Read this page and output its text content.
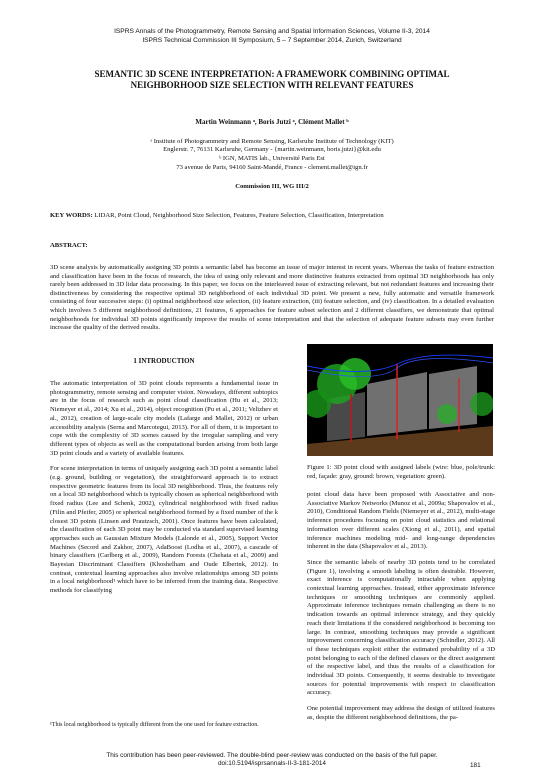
ISPRS Annals of the Photogrammetry, Remote Sensing and Spatial Information Sciences, Volume II-3, 2014
ISPRS Technical Commission III Symposium, 5 – 7 September 2014, Zurich, Switzerland
SEMANTIC 3D SCENE INTERPRETATION: A FRAMEWORK COMBINING OPTIMAL
NEIGHBORHOOD SIZE SELECTION WITH RELEVANT FEATURES
Martin Weinmann ᵃ, Boris Jutzi ᵃ, Clément Mallet ᵇ
ᵃ Institute of Photogrammetry and Remote Sensing, Karlsruhe Institute of Technology (KIT)
Englerstr. 7, 76131 Karlsruhe, Germany - {martin.weinmann, boris.jutzi}@kit.edu
ᵇ IGN, MATIS lab., Université Paris Est
73 avenue de Paris, 94160 Saint-Mandé, France - clement.mallet@ign.fr
Commission III, WG III/2
KEY WORDS: LIDAR, Point Cloud, Neighborhood Size Selection, Features, Feature Selection, Classification, Interpretation
ABSTRACT:
3D scene analysis by automatically assigning 3D points a semantic label has become an issue of major interest in recent years. Whereas the tasks of feature extraction and classification have been in the focus of research, the idea of using only relevant and more distinctive features extracted from optimal 3D neighborhoods has only rarely been addressed in 3D lidar data processing. In this paper, we focus on the interleaved issue of extracting relevant, but not redundant features and increasing their distinctiveness by considering the respective optimal 3D neighborhood of each individual 3D point. We present a new, fully automatic and versatile framework consisting of four successive steps: (i) optimal neighborhood size selection, (ii) feature extraction, (iii) feature selection, and (iv) classification. In a detailed evaluation which involves 5 different neighborhood definitions, 21 features, 6 approaches for feature subset selection and 2 different classifiers, we demonstrate that optimal neighborhoods for individual 3D points significantly improve the results of scene interpretation and that the selection of adequate feature subsets may even further increase the quality of the derived results.
1 INTRODUCTION

The automatic interpretation of 3D point clouds represents a fundamental issue in photogrammetry, remote sensing and computer vision. Nowadays, different subtopics are in the focus of research such as point cloud classification (Hu et al., 2013; Niemeyer et al., 2014; Xu et al., 2014), object recognition (Pu et al., 2011; Velizhev et al., 2012), creation of large-scale city models (Lafarge and Mallet, 2012) or urban accessibility analysis (Serna and Marcotegui, 2013). For all of them, it is important to cope with the complexity of 3D scenes caused by the irregular sampling and very different types of objects as well as the computational burden arising from both large 3D point clouds and a variety of available features.

For scene interpretation in terms of uniquely assigning each 3D point a semantic label (e.g. ground, building or vegetation), the straightforward approach is to extract respective geometric features from its local 3D neighborhood. Thus, the features rely on a local 3D neighborhood which is typically chosen as spherical neighborhood with fixed radius (Lee and Schenk, 2002), cylindrical neighborhood with fixed radius (Filin and Pfeifer, 2005) or spherical neighborhood formed by a fixed number of the k closest 3D points (Linsen and Prautzsch, 2001). Once features have been calculated, the classification of each 3D point may be conducted via standard supervised learning approaches such as Gaussian Mixture Models (Lalonde et al., 2005), Support Vector Machines (Secord and Zakhor, 2007), AdaBoost (Lodha et al., 2007), a cascade of binary classifiers (Carlberg et al., 2009), Random Forests (Chehata et al., 2009) and Bayesian Discriminant Classifiers (Khoshelham and Oude Elberink, 2012). In contrast, contextual learning approaches also involve relationships among 3D points in a local neighborhood¹ which have to be inferred from the training data. Respective methods for classifying

Figure 1: 3D point cloud with assigned labels (wire: blue, pole/trunk: red, façade: gray, ground: brown, vegetation: green).

point cloud data have been proposed with Associative and non-Associative Markov Networks (Munoz et al., 2009a; Shapovalov et al., 2010), Conditional Random Fields (Niemeyer et al., 2012), multi-stage inference procedures focusing on point cloud statistics and relational information over different scales (Xiong et al., 2011), and spatial inference machines modeling mid- and long-range dependencies inherent in the data (Shapovalov et al., 2013).

Since the semantic labels of nearby 3D points tend to be correlated (Figure 1), involving a smooth labeling is often desirable. However, exact inference is computationally intractable when applying contextual learning approaches. Instead, either approximate inference techniques or smoothing techniques are commonly applied. Approximate inference techniques remain challenging as there is no indication towards an optimal inference strategy, and they quickly reach their limitations if the considered neighborhood is becoming too large. In contrast, smoothing techniques may provide a significant improvement concerning classification accuracy (Schindler, 2012). All of these techniques exploit either the estimated probability of a 3D point belonging to each of the defined classes or the direct assignment of the respective label, and thus the results of a classification for individual 3D points. Consequently, it seems desirable to investigate sources for potential improvements with respect to classification accuracy.

One potential improvement may address the design of utilized features as, despite the different neighborhood definitions, the pa-

¹This local neighborhood is typically different from the one used for feature extraction.
This contribution has been peer-reviewed. The double-blind peer-review was conducted on the basis of the full paper.
doi:10.5194/isprsannals-II-3-181-2014	181
